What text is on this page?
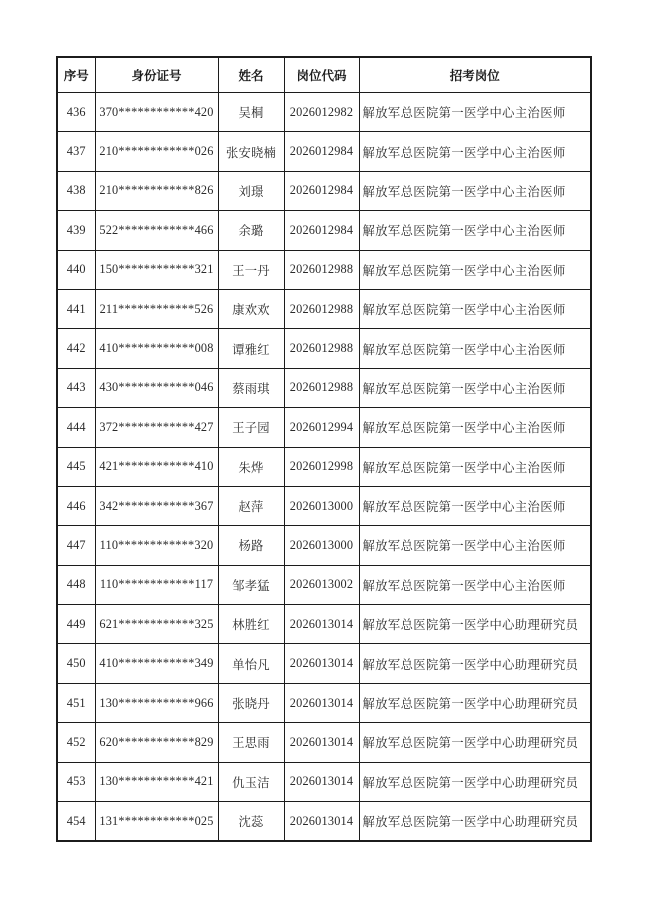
序号	身份证号	姓名	岗位代码	招考岗位
436	370************420	吴桐	2026012982	解放军总医院第一医学中心主治医师
437	210************026	张安晓楠	2026012984	解放军总医院第一医学中心主治医师
438	210************826	刘璟	2026012984	解放军总医院第一医学中心主治医师
439	522************466	余璐	2026012984	解放军总医院第一医学中心主治医师
440	150************321	王一丹	2026012988	解放军总医院第一医学中心主治医师
441	211************526	康欢欢	2026012988	解放军总医院第一医学中心主治医师
442	410************008	谭雅红	2026012988	解放军总医院第一医学中心主治医师
443	430************046	蔡雨琪	2026012988	解放军总医院第一医学中心主治医师
444	372************427	王子园	2026012994	解放军总医院第一医学中心主治医师
445	421************410	朱烨	2026012998	解放军总医院第一医学中心主治医师
446	342************367	赵萍	2026013000	解放军总医院第一医学中心主治医师
447	110************320	杨路	2026013000	解放军总医院第一医学中心主治医师
448	110************117	邹孝猛	2026013002	解放军总医院第一医学中心主治医师
449	621************325	林胜红	2026013014	解放军总医院第一医学中心助理研究员
450	410************349	单怡凡	2026013014	解放军总医院第一医学中心助理研究员
451	130************966	张晓丹	2026013014	解放军总医院第一医学中心助理研究员
452	620************829	王思雨	2026013014	解放军总医院第一医学中心助理研究员
453	130************421	仇玉洁	2026013014	解放军总医院第一医学中心助理研究员
454	131************025	沈蕊	2026013014	解放军总医院第一医学中心助理研究员
